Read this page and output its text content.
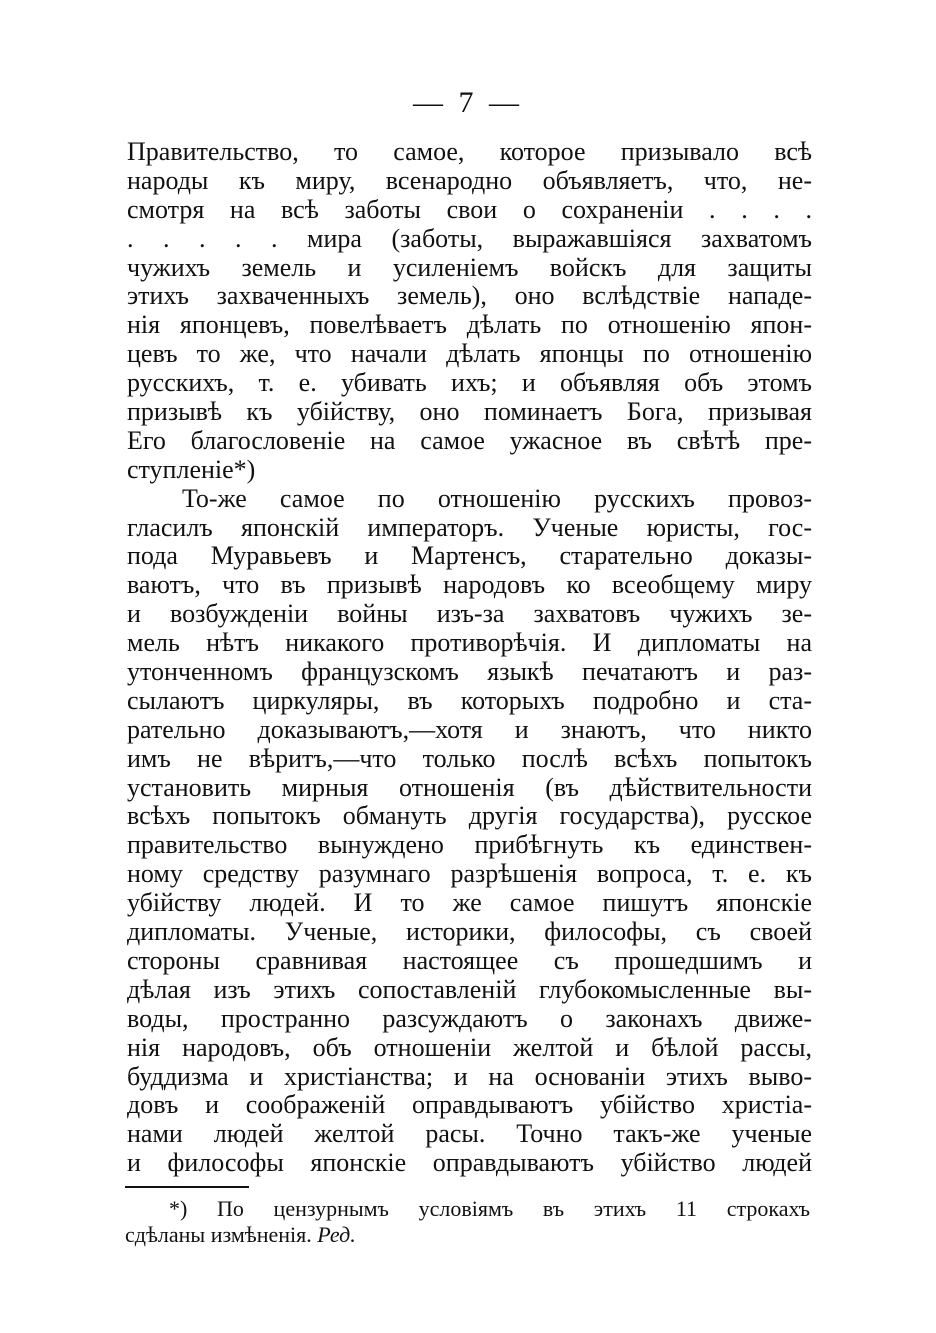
— 7 —
Правительство, то самое, которое призывало всѣ
народы къ миру, всенародно объявляетъ, что, не-
смотря на всѣ заботы свои о сохраненіи . . . .
. . . . . мира (заботы, выражавшіяся захватомъ
чужихъ земель и усиленіемъ войскъ для защиты
этихъ захваченныхъ земель), оно вслѣдствіе нападе-
нія японцевъ, повелѣваетъ дѣлать по отношенію япон-
цевъ то же, что начали дѣлать японцы по отношенію
русскихъ, т. е. убивать ихъ; и объявляя объ этомъ
призывѣ къ убійству, оно поминаетъ Бога, призывая
Его благословеніе на самое ужасное въ свѣтѣ пре-
ступленіе*)
То-же самое по отношенію русскихъ провоз-
гласилъ японскій императоръ. Ученые юристы, гос-
пода Муравьевъ и Мартенсъ, старательно доказы-
ваютъ, что въ призывѣ народовъ ко всеобщему миру
и возбужденіи войны изъ-за захватовъ чужихъ зе-
мель нѣтъ никакого противорѣчія. И дипломаты на
утонченномъ французскомъ языкѣ печатаютъ и раз-
сылаютъ циркуляры, въ которыхъ подробно и ста-
рательно доказываютъ,—хотя и знаютъ, что никто
имъ не вѣритъ,—что только послѣ всѣхъ попытокъ
установить мирныя отношенія (въ дѣйствительности
всѣхъ попытокъ обмануть другія государства), русское
правительство вынуждено прибѣгнуть къ единствен-
ному средству разумнаго разрѣшенія вопроса, т. е. къ
убійству людей. И то же самое пишутъ японскіе
дипломаты. Ученые, историки, философы, съ своей
стороны сравнивая настоящее съ прошедшимъ и
дѣлая изъ этихъ сопоставленій глубокомысленные вы-
воды, пространно разсуждаютъ о законахъ движе-
нія народовъ, объ отношеніи желтой и бѣлой рассы,
буддизма и христіанства; и на основаніи этихъ выво-
довъ и соображеній оправдываютъ убійство христіа-
нами людей желтой расы. Точно такъ-же ученые
и философы японскіе оправдываютъ убійство людей
*) По цензурнымъ условіямъ въ этихъ 11 строкахъ
сдѣланы измѣненія. Ред.
